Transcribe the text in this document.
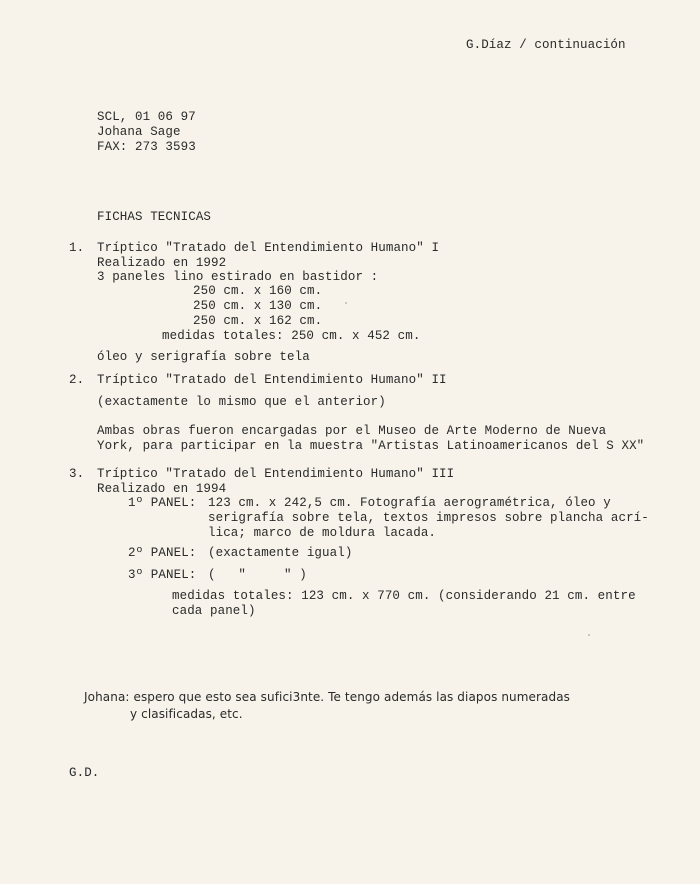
G.Díaz / continuación
SCL, 01 06 97
Johana Sage
FAX: 273 3593
FICHAS TECNICAS
1. Tríptico "Tratado del Entendimiento Humano" I
Realizado en 1992
3 paneles lino estirado en bastidor :
250 cm. x 160 cm.
250 cm. x 130 cm.
250 cm. x 162 cm.
medidas totales: 250 cm. x 452 cm.
óleo y serigrafía sobre tela
2. Tríptico "Tratado del Entendimiento Humano" II
(exactamente lo mismo que el anterior)
Ambas obras fueron encargadas por el Museo de Arte Moderno de Nueva
York, para participar en la muestra "Artistas Latinoamericanos del S XX"
3. Tríptico "Tratado del Entendimiento Humano" III
Realizado en 1994
1º PANEL: 123 cm. x 242,5 cm. Fotografía aerogramétrica, óleo y
serigrafía sobre tela, textos impresos sobre plancha acrí-
lica; marco de moldura lacada.
2º PANEL: (exactamente igual)
3º PANEL: (   "     " )
medidas totales: 123 cm. x 770 cm. (considerando 21 cm. entre
cada panel)
Johana: espero que esto sea sufici3nte. Te tengo además las diapos numeradas
y clasificadas, etc.
G.D.
